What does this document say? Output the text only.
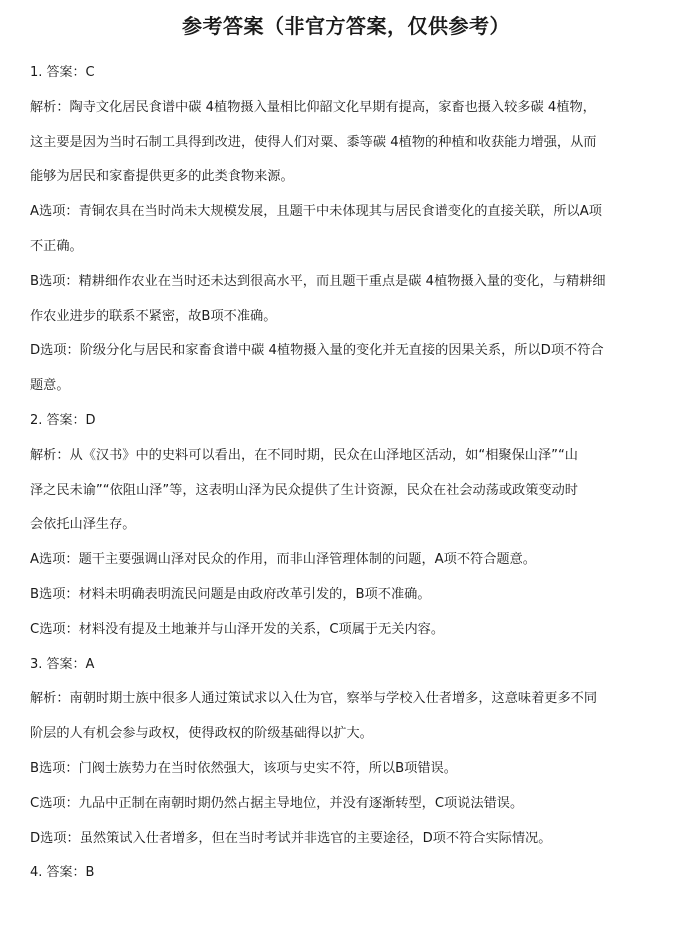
参考答案（非官方答案，仅供参考）

1. 答案：C

解析：陶寺文化居民食谱中碳 4植物摄入量相比仰韶文化早期有提高，家畜也摄入较多碳 4植物，

这主要是因为当时石制工具得到改进，使得人们对粟、黍等碳 4植物的种植和收获能力增强，从而

能够为居民和家畜提供更多的此类食物来源。

A选项：青铜农具在当时尚未大规模发展，且题干中未体现其与居民食谱变化的直接关联，所以A项

不正确。

B选项：精耕细作农业在当时还未达到很高水平，而且题干重点是碳 4植物摄入量的变化，与精耕细

作农业进步的联系不紧密，故B项不准确。

D选项：阶级分化与居民和家畜食谱中碳 4植物摄入量的变化并无直接的因果关系，所以D项不符合

题意。

2. 答案：D

解析：从《汉书》中的史料可以看出，在不同时期，民众在山泽地区活动，如“相聚保山泽”“山

泽之民未谕”“依阻山泽”等，这表明山泽为民众提供了生计资源，民众在社会动荡或政策变动时

会依托山泽生存。

A选项：题干主要强调山泽对民众的作用，而非山泽管理体制的问题，A项不符合题意。

B选项：材料未明确表明流民问题是由政府改革引发的，B项不准确。

C选项：材料没有提及土地兼并与山泽开发的关系，C项属于无关内容。

3. 答案：A

解析：南朝时期士族中很多人通过策试求以入仕为官，察举与学校入仕者增多，这意味着更多不同

阶层的人有机会参与政权，使得政权的阶级基础得以扩大。

B选项：门阀士族势力在当时依然强大，该项与史实不符，所以B项错误。

C选项：九品中正制在南朝时期仍然占据主导地位，并没有逐渐转型，C项说法错误。

D选项：虽然策试入仕者增多，但在当时考试并非选官的主要途径，D项不符合实际情况。

4. 答案：B
